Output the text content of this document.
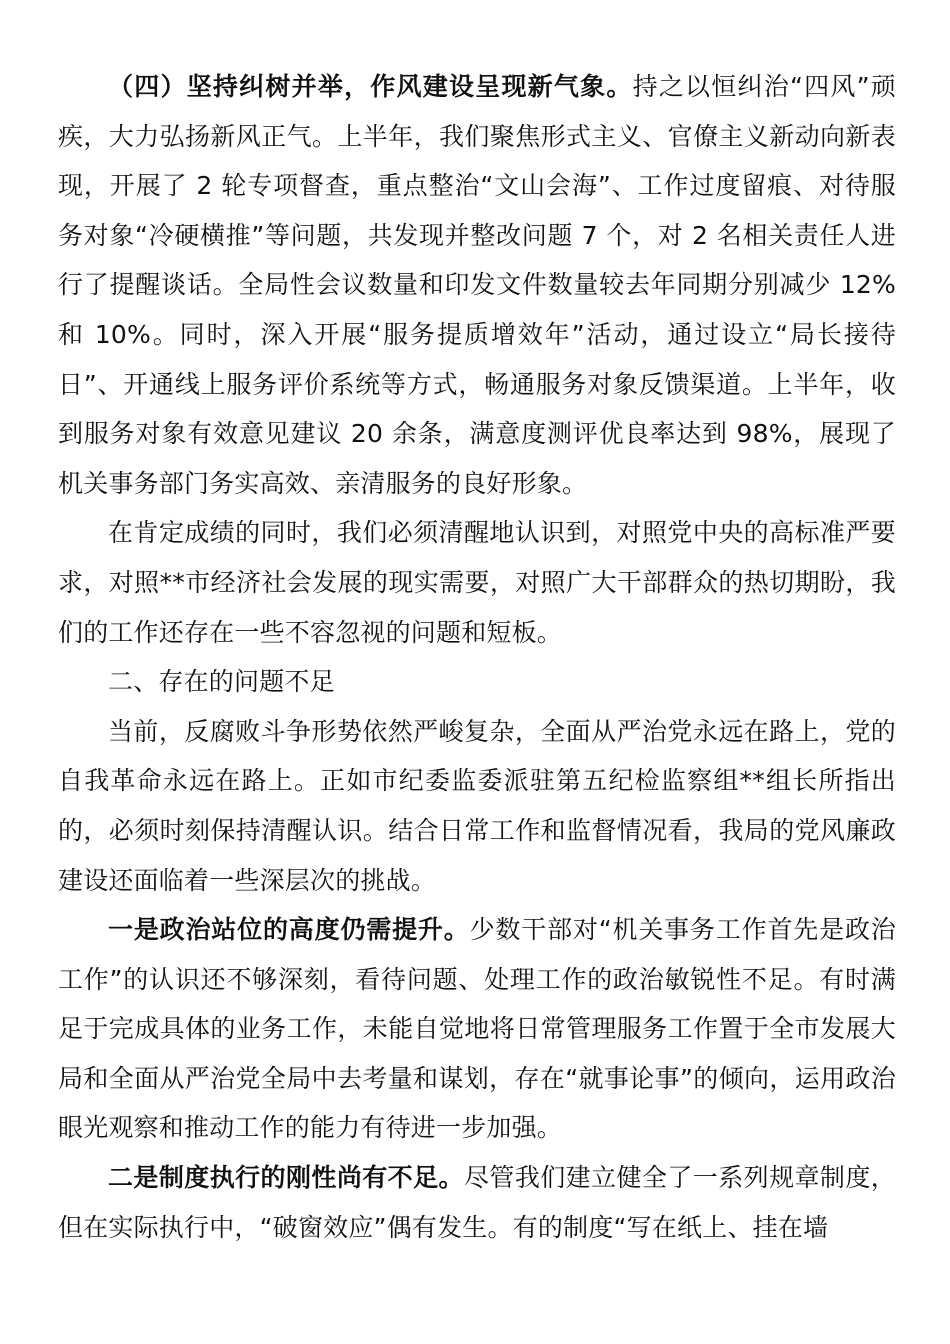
（四）坚持纠树并举，作风建设呈现新气象。持之以恒纠治“四风”顽疾，大力弘扬新风正气。上半年，我们聚焦形式主义、官僚主义新动向新表现，开展了 2 轮专项督查，重点整治“文山会海”、工作过度留痕、对待服务对象“冷硬横推”等问题，共发现并整改问题 7 个，对 2 名相关责任人进行了提醒谈话。全局性会议数量和印发文件数量较去年同期分别减少 12%和 10%。同时，深入开展“服务提质增效年”活动，通过设立“局长接待日”、开通线上服务评价系统等方式，畅通服务对象反馈渠道。上半年，收到服务对象有效意见建议 20 余条，满意度测评优良率达到 98%，展现了机关事务部门务实高效、亲清服务的良好形象。

在肯定成绩的同时，我们必须清醒地认识到，对照党中央的高标准严要求，对照**市经济社会发展的现实需要，对照广大干部群众的热切期盼，我们的工作还存在一些不容忽视的问题和短板。

二、存在的问题不足

当前，反腐败斗争形势依然严峻复杂，全面从严治党永远在路上，党的自我革命永远在路上。正如市纪委监委派驻第五纪检监察组**组长所指出的，必须时刻保持清醒认识。结合日常工作和监督情况看，我局的党风廉政建设还面临着一些深层次的挑战。

一是政治站位的高度仍需提升。少数干部对“机关事务工作首先是政治工作”的认识还不够深刻，看待问题、处理工作的政治敏锐性不足。有时满足于完成具体的业务工作，未能自觉地将日常管理服务工作置于全市发展大局和全面从严治党全局中去考量和谋划，存在“就事论事”的倾向，运用政治眼光观察和推动工作的能力有待进一步加强。

二是制度执行的刚性尚有不足。尽管我们建立健全了一系列规章制度，但在实际执行中，“破窗效应”偶有发生。有的制度“写在纸上、挂在墙
